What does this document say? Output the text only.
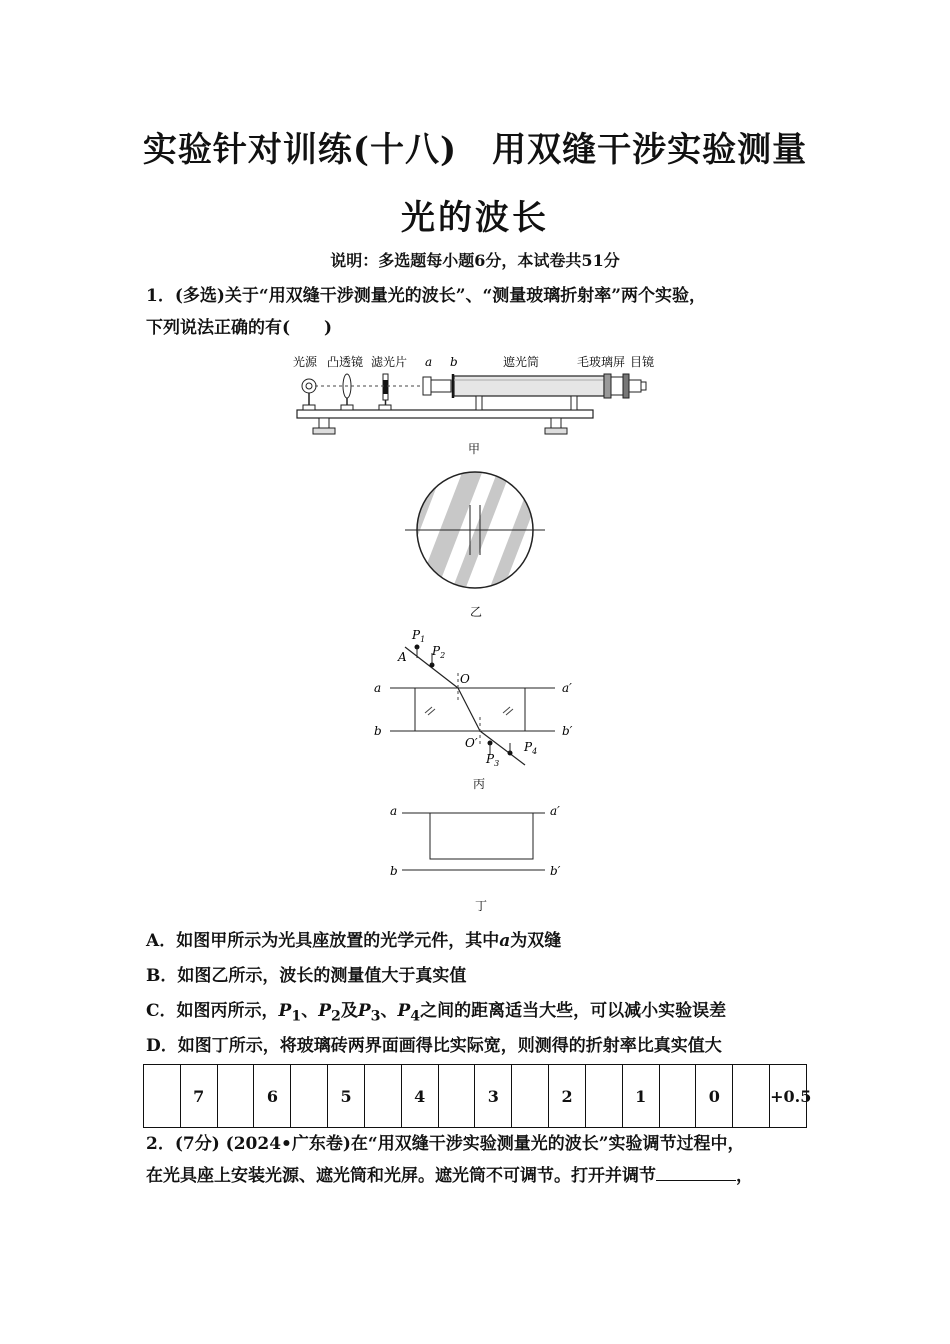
实验针对训练(十八)　用双缝干涉实验测量
光的波长
说明：多选题每小题6分，本试卷共51分
1．(多选)关于“用双缝干涉测量光的波长”、“测量玻璃折射率”两个实验，
下列说法正确的有(　　)
光源 凸透镜 滤光片 a b	遮光筒	毛玻璃屏 目镜
甲
乙
$P_1$
$P_2$
A
O
a	a′
b	b′
O′
$P_3$
$P_4$
丙
a	a′
b	b′
丁
A．如图甲所示为光具座放置的光学元件，其中a为双缝
B．如图乙所示，波长的测量值大于真实值
C．如图丙所示，$P_1$、$P_2$及$P_3$、$P_4$之间的距离适当大些，可以减小实验误差
D．如图丁所示，将玻璃砖两界面画得比实际宽，则测得的折射率比真实值大
	7		6		5		4		3		2		1		0		+0.5
2．(7分) (2024•广东卷)在“用双缝干涉实验测量光的波长”实验调节过程中，
在光具座上安装光源、遮光筒和光屏。遮光筒不可调节。打开并调节	，
